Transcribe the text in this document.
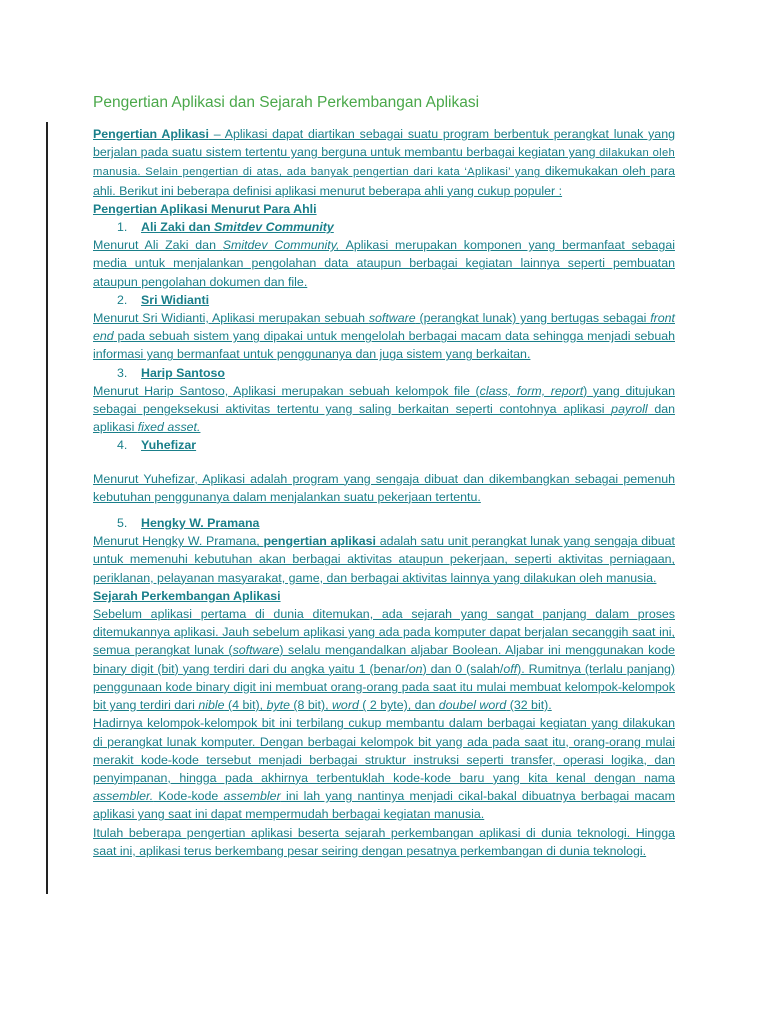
Pengertian Aplikasi dan Sejarah Perkembangan Aplikasi

Pengertian Aplikasi – Aplikasi dapat diartikan sebagai suatu program berbentuk perangkat lunak yang berjalan pada suatu sistem tertentu yang berguna untuk membantu berbagai kegiatan yang dilakukan oleh manusia. Selain pengertian di atas, ada banyak pengertian dari kata ‘Aplikasi’ yang dikemukakan oleh para ahli. Berikut ini beberapa definisi aplikasi menurut beberapa ahli yang cukup populer :

Pengertian Aplikasi Menurut Para Ahli

1. Ali Zaki dan Smitdev Community

Menurut Ali Zaki dan Smitdev Community, Aplikasi merupakan komponen yang bermanfaat sebagai media untuk menjalankan pengolahan data ataupun berbagai kegiatan lainnya seperti pembuatan ataupun pengolahan dokumen dan file.

2. Sri Widianti

Menurut Sri Widianti, Aplikasi merupakan sebuah software (perangkat lunak) yang bertugas sebagai front end pada sebuah sistem yang dipakai untuk mengelolah berbagai macam data sehingga menjadi sebuah informasi yang bermanfaat untuk penggunanya dan juga sistem yang berkaitan.

3. Harip Santoso

Menurut Harip Santoso, Aplikasi merupakan sebuah kelompok file (class, form, report) yang ditujukan sebagai pengeksekusi aktivitas tertentu yang saling berkaitan seperti contohnya aplikasi payroll dan aplikasi fixed asset.

4. Yuhefizar

Menurut Yuhefizar, Aplikasi adalah program yang sengaja dibuat dan dikembangkan sebagai pemenuh kebutuhan penggunanya dalam menjalankan suatu pekerjaan tertentu.

5. Hengky W. Pramana

Menurut Hengky W. Pramana, pengertian aplikasi adalah satu unit perangkat lunak yang sengaja dibuat untuk memenuhi kebutuhan akan berbagai aktivitas ataupun pekerjaan, seperti aktivitas perniagaan, periklanan, pelayanan masyarakat, game, dan berbagai aktivitas lainnya yang dilakukan oleh manusia.

Sejarah Perkembangan Aplikasi

Sebelum aplikasi pertama di dunia ditemukan, ada sejarah yang sangat panjang dalam proses ditemukannya aplikasi. Jauh sebelum aplikasi yang ada pada komputer dapat berjalan secanggih saat ini, semua perangkat lunak (software) selalu mengandalkan aljabar Boolean. Aljabar ini menggunakan kode binary digit (bit) yang terdiri dari du angka yaitu 1 (benar/on) dan 0 (salah/off). Rumitnya (terlalu panjang) penggunaan kode binary digit ini membuat orang-orang pada saat itu mulai membuat kelompok-kelompok bit yang terdiri dari nible (4 bit), byte (8 bit), word ( 2 byte), dan doubel word (32 bit).

Hadirnya kelompok-kelompok bit ini terbilang cukup membantu dalam berbagai kegiatan yang dilakukan di perangkat lunak komputer. Dengan berbagai kelompok bit yang ada pada saat itu, orang-orang mulai merakit kode-kode tersebut menjadi berbagai struktur instruksi seperti transfer, operasi logika, dan penyimpanan, hingga pada akhirnya terbentuklah kode-kode baru yang kita kenal dengan nama assembler. Kode-kode assembler ini lah yang nantinya menjadi cikal-bakal dibuatnya berbagai macam aplikasi yang saat ini dapat mempermudah berbagai kegiatan manusia.

Itulah beberapa pengertian aplikasi beserta sejarah perkembangan aplikasi di dunia teknologi. Hingga saat ini, aplikasi terus berkembang pesar seiring dengan pesatnya perkembangan di dunia teknologi.
